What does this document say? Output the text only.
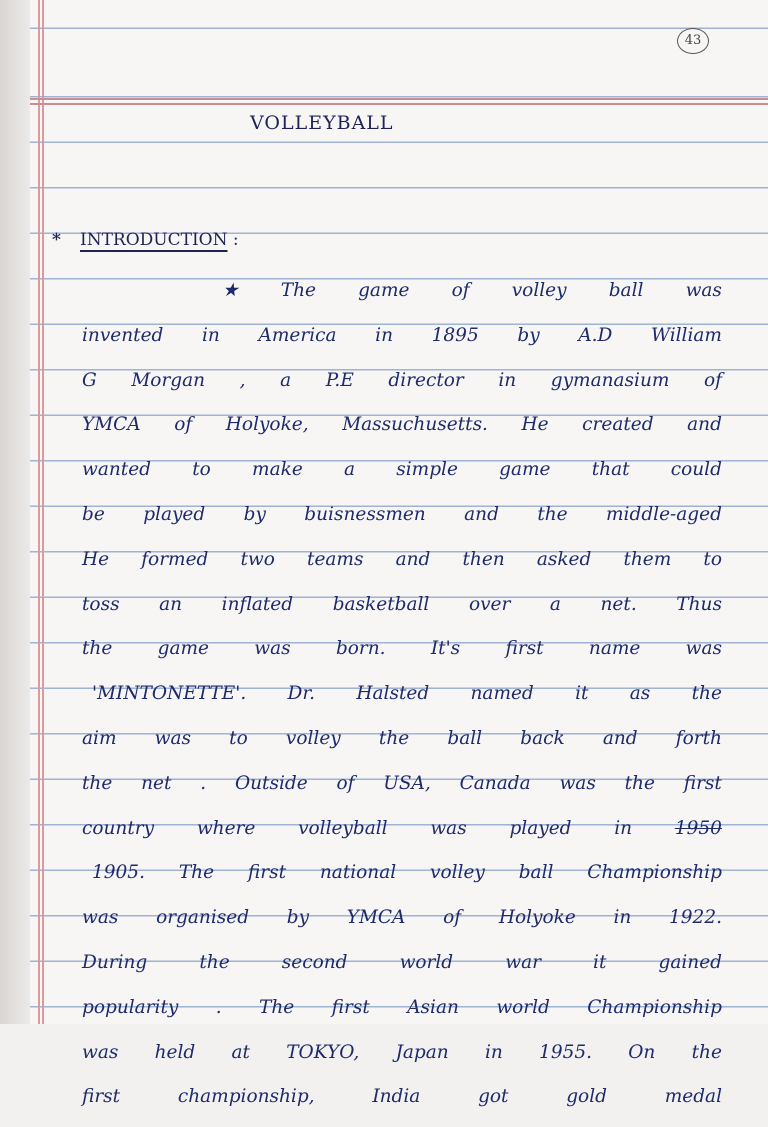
43
VOLLEYBALL
* INTRODUCTION :
★ The game of volley ball was
invented in America in 1895 by A.D William
G Morgan , a P.E director in gymanasium of
YMCA of Holyoke, Massuchusetts. He created and
wanted to make a simple game that could
be played by buisnessmen and the middle-aged
He formed two teams and then asked them to
toss an inflated basketball over a net. Thus
the game was born. It's first name was
'MINTONETTE'. Dr. Halsted named it as the
aim was to volley the ball back and forth
the net . Outside of USA, Canada was the first
country where volleyball was played in 1950
1905. The first national volley ball Championship
was organised by YMCA of Holyoke in 1922.
During	the	second	world	war	it	gained
popularity . The first Asian world Championship
was held at TOKYO, Japan in 1955. On the
first	championship,	India	got	gold	medal
